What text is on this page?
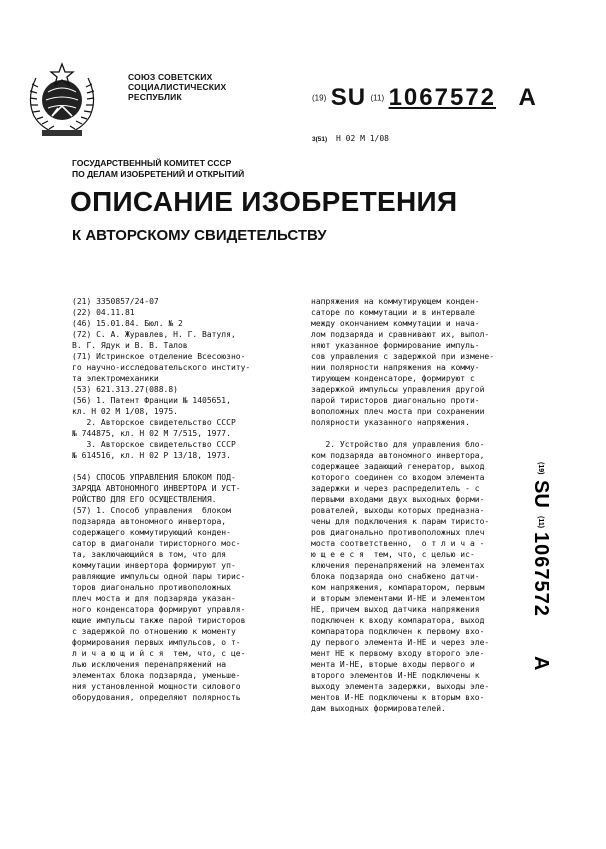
СОЮЗ СОВЕТСКИХ
СОЦИАЛИСТИЧЕСКИХ
РЕСПУБЛИК	(19) SU (11) 1067572 A
3(51) Н 02 М 1/08
ГОСУДАРСТВЕННЫЙ КОМИТЕТ СССР
ПО ДЕЛАМ ИЗОБРЕТЕНИЙ И ОТКРЫТИЙ
ОПИСАНИЕ ИЗОБРЕТЕНИЯ
К АВТОРСКОМУ СВИДЕТЕЛЬСТВУ
(21) 3350857/24-07
(22) 04.11.81
(46) 15.01.84. Бюл. № 2
(72) С. А. Журавлев, Н. Г. Ватуля,
В. Г. Ядук и В. В. Талов
(71) Истринское отделение Всесоюзно-
го научно-исследовательского институ-
та электромеханики
(53) 621.313.27(088.8)
(56) 1. Патент Франции № 1405651,
кл. Н 02 М 1/08, 1975.
2. Авторское свидетельство СССР
№ 744875, кл. Н 02 М 7/515, 1977.
3. Авторское свидетельство СССР
№ 614516, кл. Н 02 Р 13/18, 1973.
(54) СПОСОБ УПРАВЛЕНИЯ БЛОКОМ ПОД-
ЗАРЯДА АВТОНОМНОГО ИНВЕРТОРА И УСТ-
РОЙСТВО ДЛЯ ЕГО ОСУЩЕСТВЛЕНИЯ.
(57) 1. Способ управления  блоком
подзаряда автономного инвертора,
содержащего коммутирующий конден-
сатор в диагонали тиристорного мос-
та, заключающийся в том, что для
коммутации инвертора формируют уп-
равляющие импульсы одной пары тирис-
торов диагонально противоположных
плеч моста и для подзаряда указан-
ного конденсатора формируют управля-
ющие импульсы также парой тиристоров
с задержкой по отношению к моменту
формирования первых импульсов, о т-
л и ч а ю щ и й с я  тем, что, с це-
лью исключения перенапряжений на
элементах блока подзаряда, уменьше-
ния установленной мощности силового
оборудования, определяют полярность
напряжения на коммутирующем конден-
саторе по коммутации и в интервале
между окончанием коммутации и нача-
лом подзаряда и сравнивают их, выпол-
няют указанное формирование импуль-
сов управления с задержкой при измене-
нии полярности напряжения на комму-
тирующем конденсаторе, формируют с
задержкой импульсы управления другой
парой тиристоров диагонально проти-
воположных плеч моста при сохранении
полярности указанного напряжения.
2. Устройство для управления бло-
ком подзаряда автономного инвертора,
содержащее задающий генератор, выход
которого соединен со входом элемента
задержки и через распределитель - с
первыми входами двух выходных форми-
рователей, выходы которых предназна-
чены для подключения к парам тиристо-
ров диагонально противоположных плеч
моста соответственно,  о т л и ч а -
ю щ е е с я  тем, что, с целью ис-
ключения перенапряжений на элементах
блока подзаряда оно снабжено датчи-
ком напряжения, компаратором, первым
и вторым элементами И-НЕ и элементом
НЕ, причем выход датчика напряжения
подключен к входу компаратора, выход
компаратора подключен к первому вхо-
ду первого элемента И-НЕ и через эле-
мент НЕ к первому входу второго эле-
мента И-НЕ, вторые входы первого и
второго элементов И-НЕ подключены к
выходу элемента задержки, выходы эле-
ментов И-НЕ подключены к вторым вхо-
дам выходных формирователей.
(19)
SU
(11)
1067572
A
